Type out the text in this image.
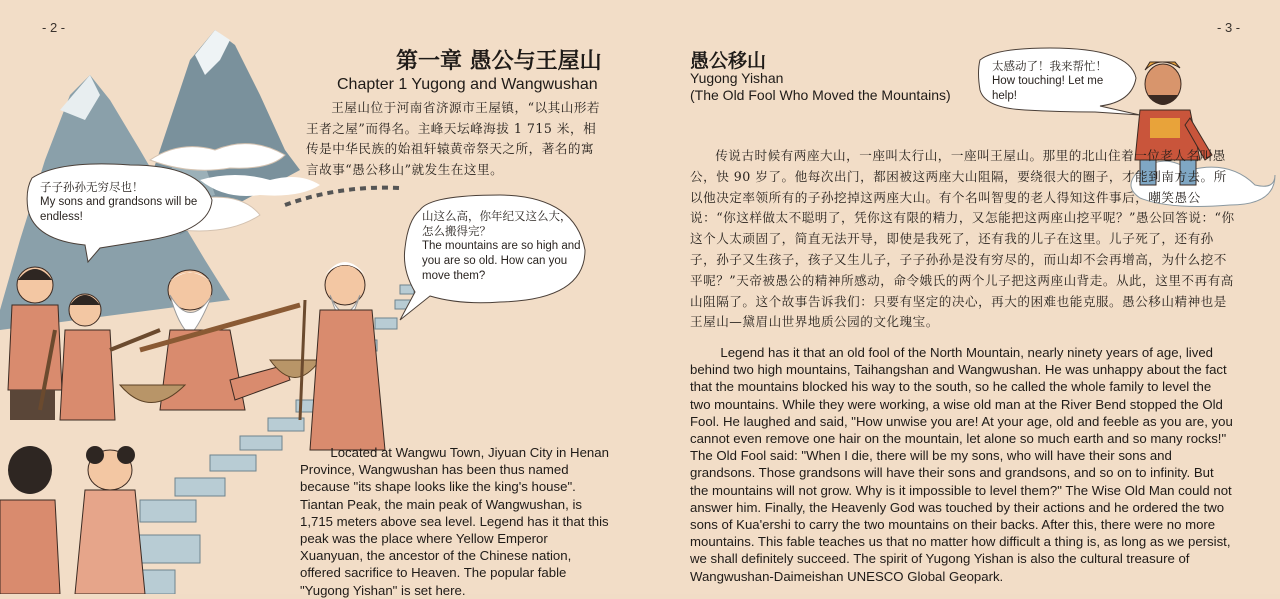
- 2 -	- 3 -
第一章 愚公与王屋山
Chapter 1 Yugong and Wangwushan
王屋山位于河南省济源市王屋镇，“以其山形若王者之屋”而得名。主峰天坛峰海拔 1 715 米，相传是中华民族的始祖轩辕黄帝祭天之所，著名的寓言故事“愚公移山”就发生在这里。
Located at Wangwu Town, Jiyuan City in Henan Province, Wangwushan has been thus named because "its shape looks like the king's house". Tiantan Peak, the main peak of Wangwushan, is 1,715 meters above sea level. Legend has it that this peak was the place where Yellow Emperor Xuanyuan, the ancestor of the Chinese nation, offered sacrifice to Heaven. The popular fable "Yugong Yishan" is set here.
子子孙孙无穷尽也！
My sons and grandsons will be endless!	山这么高，你年纪又这么大，怎么搬得完？
The mountains are so high and you are so old. How can you move them?
愚公移山
Yugong Yishan
(The Old Fool Who Moved the Mountains)
太感动了！我来帮忙！
How touching! Let me help!
传说古时候有两座大山，一座叫太行山，一座叫王屋山。那里的北山住着一位老人名叫愚公，快 90 岁了。他每次出门，都困被这两座大山阻隔，要绕很大的圈子，才能到南方去。所以他决定率领所有的子孙挖掉这两座大山。有个名叫智叟的老人得知这件事后，嘲笑愚公说：“你这样做太不聪明了，凭你这有限的精力，又怎能把这两座山挖平呢？”愚公回答说：“你这个人太顽固了，简直无法开导，即使是我死了，还有我的儿子在这里。儿子死了，还有孙子，孙子又生孩子，孩子又生儿子，子子孙孙是没有穷尽的，而山却不会再增高，为什么挖不平呢？”天帝被愚公的精神所感动，命令娥氏的两个儿子把这两座山背走。从此，这里不再有高山阻隔了。这个故事告诉我们：只要有坚定的决心，再大的困难也能克服。愚公移山精神也是王屋山—黛眉山世界地质公园的文化瑰宝。
Legend has it that an old fool of the North Mountain, nearly ninety years of age, lived behind two high mountains, Taihangshan and Wangwushan. He was unhappy about the fact that the mountains blocked his way to the south, so he called the whole family to level the two mountains. While they were working, a wise old man at the River Bend stopped the Old Fool. He laughed and said, "How unwise you are! At your age, old and feeble as you are, you cannot even remove one hair on the mountain, let alone so much earth and so many rocks!" The Old Fool said: "When I die, there will be my sons, who will have their sons and grandsons. Those grandsons will have their sons and grandsons, and so on to infinity. But the mountains will not grow. Why is it impossible to level them?" The Wise Old Man could not answer him. Finally, the Heavenly God was touched by their actions and he ordered the two sons of Kua'ershi to carry the two mountains on their backs. After this, there were no more mountains. This fable teaches us that no matter how difficult a thing is, as long as we persist, we shall definitely succeed. The spirit of Yugong Yishan is also the cultural treasure of Wangwushan-Daimeishan UNESCO Global Geopark.
